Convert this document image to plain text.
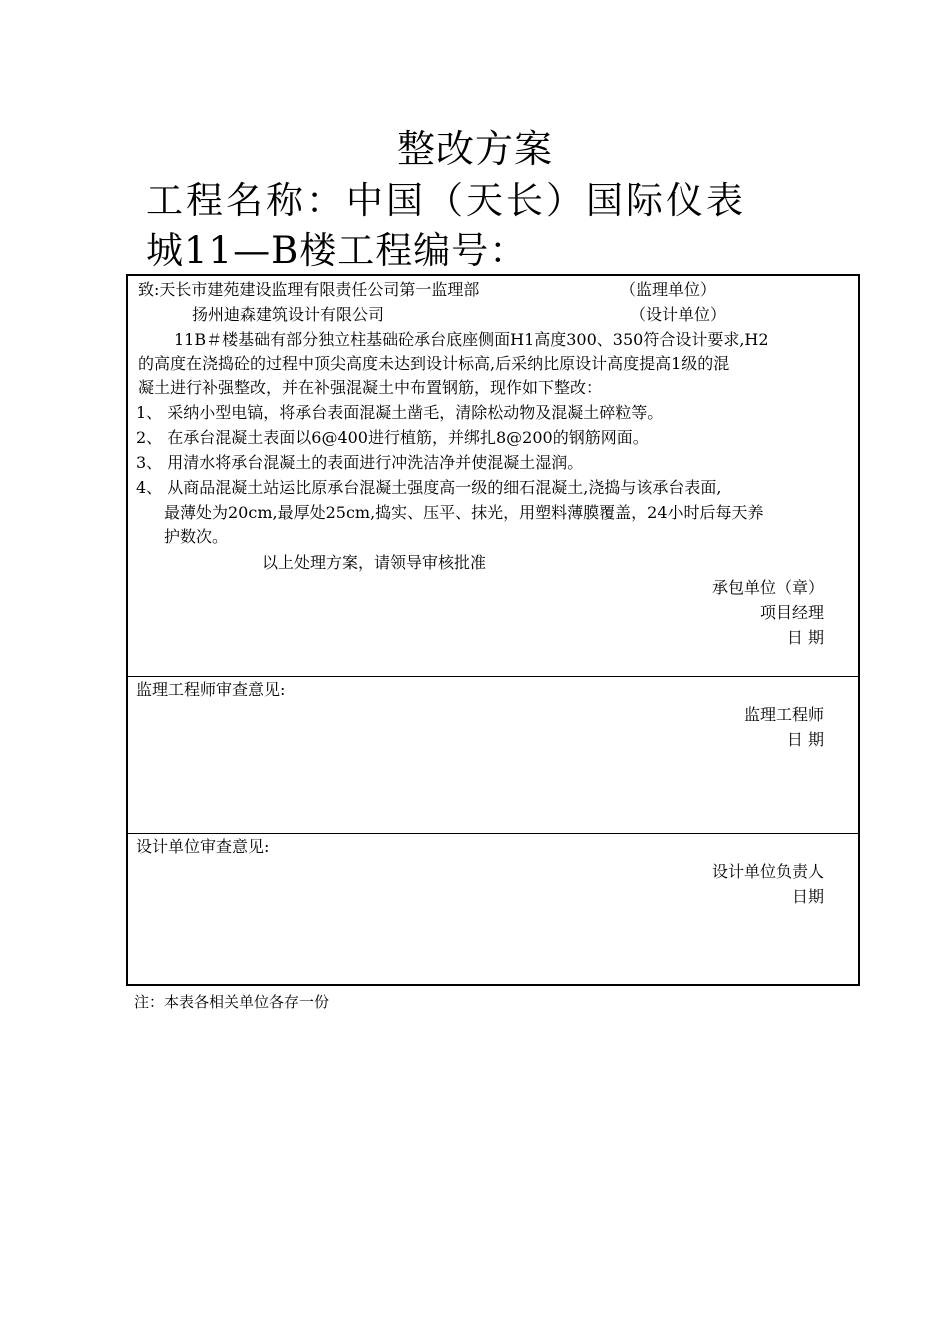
整改方案
工程名称：中国（天长）国际仪表
城11—B楼工程编号：
致:天长市建苑建设监理有限责任公司第一监理部	（监理单位）
扬州迪森建筑设计有限公司	（设计单位）
11B＃楼基础有部分独立柱基础砼承台底座侧面H1高度300、350符合设计要求,H2
的高度在浇捣砼的过程中顶尖高度未达到设计标高,后采纳比原设计高度提高1级的混
凝土进行补强整改，并在补强混凝土中布置钢筋，现作如下整改：
1、 采纳小型电镐，将承台表面混凝土凿毛，清除松动物及混凝土碎粒等。
2、 在承台混凝土表面以6@400进行植筋，并绑扎8@200的钢筋网面。
3、 用清水将承台混凝土的表面进行冲洗洁净并使混凝土湿润。
4、 从商品混凝土站运比原承台混凝土强度高一级的细石混凝土,浇捣与该承台表面,
最薄处为20cm,最厚处25cm,捣实、压平、抹光，用塑料薄膜覆盖，24小时后每天养
护数次。
以上处理方案，请领导审核批准
承包单位（章）
项目经理
日 期
监理工程师审查意见:
监理工程师
日 期
设计单位审查意见:
设计单位负责人
日期
注：本表各相关单位各存一份
